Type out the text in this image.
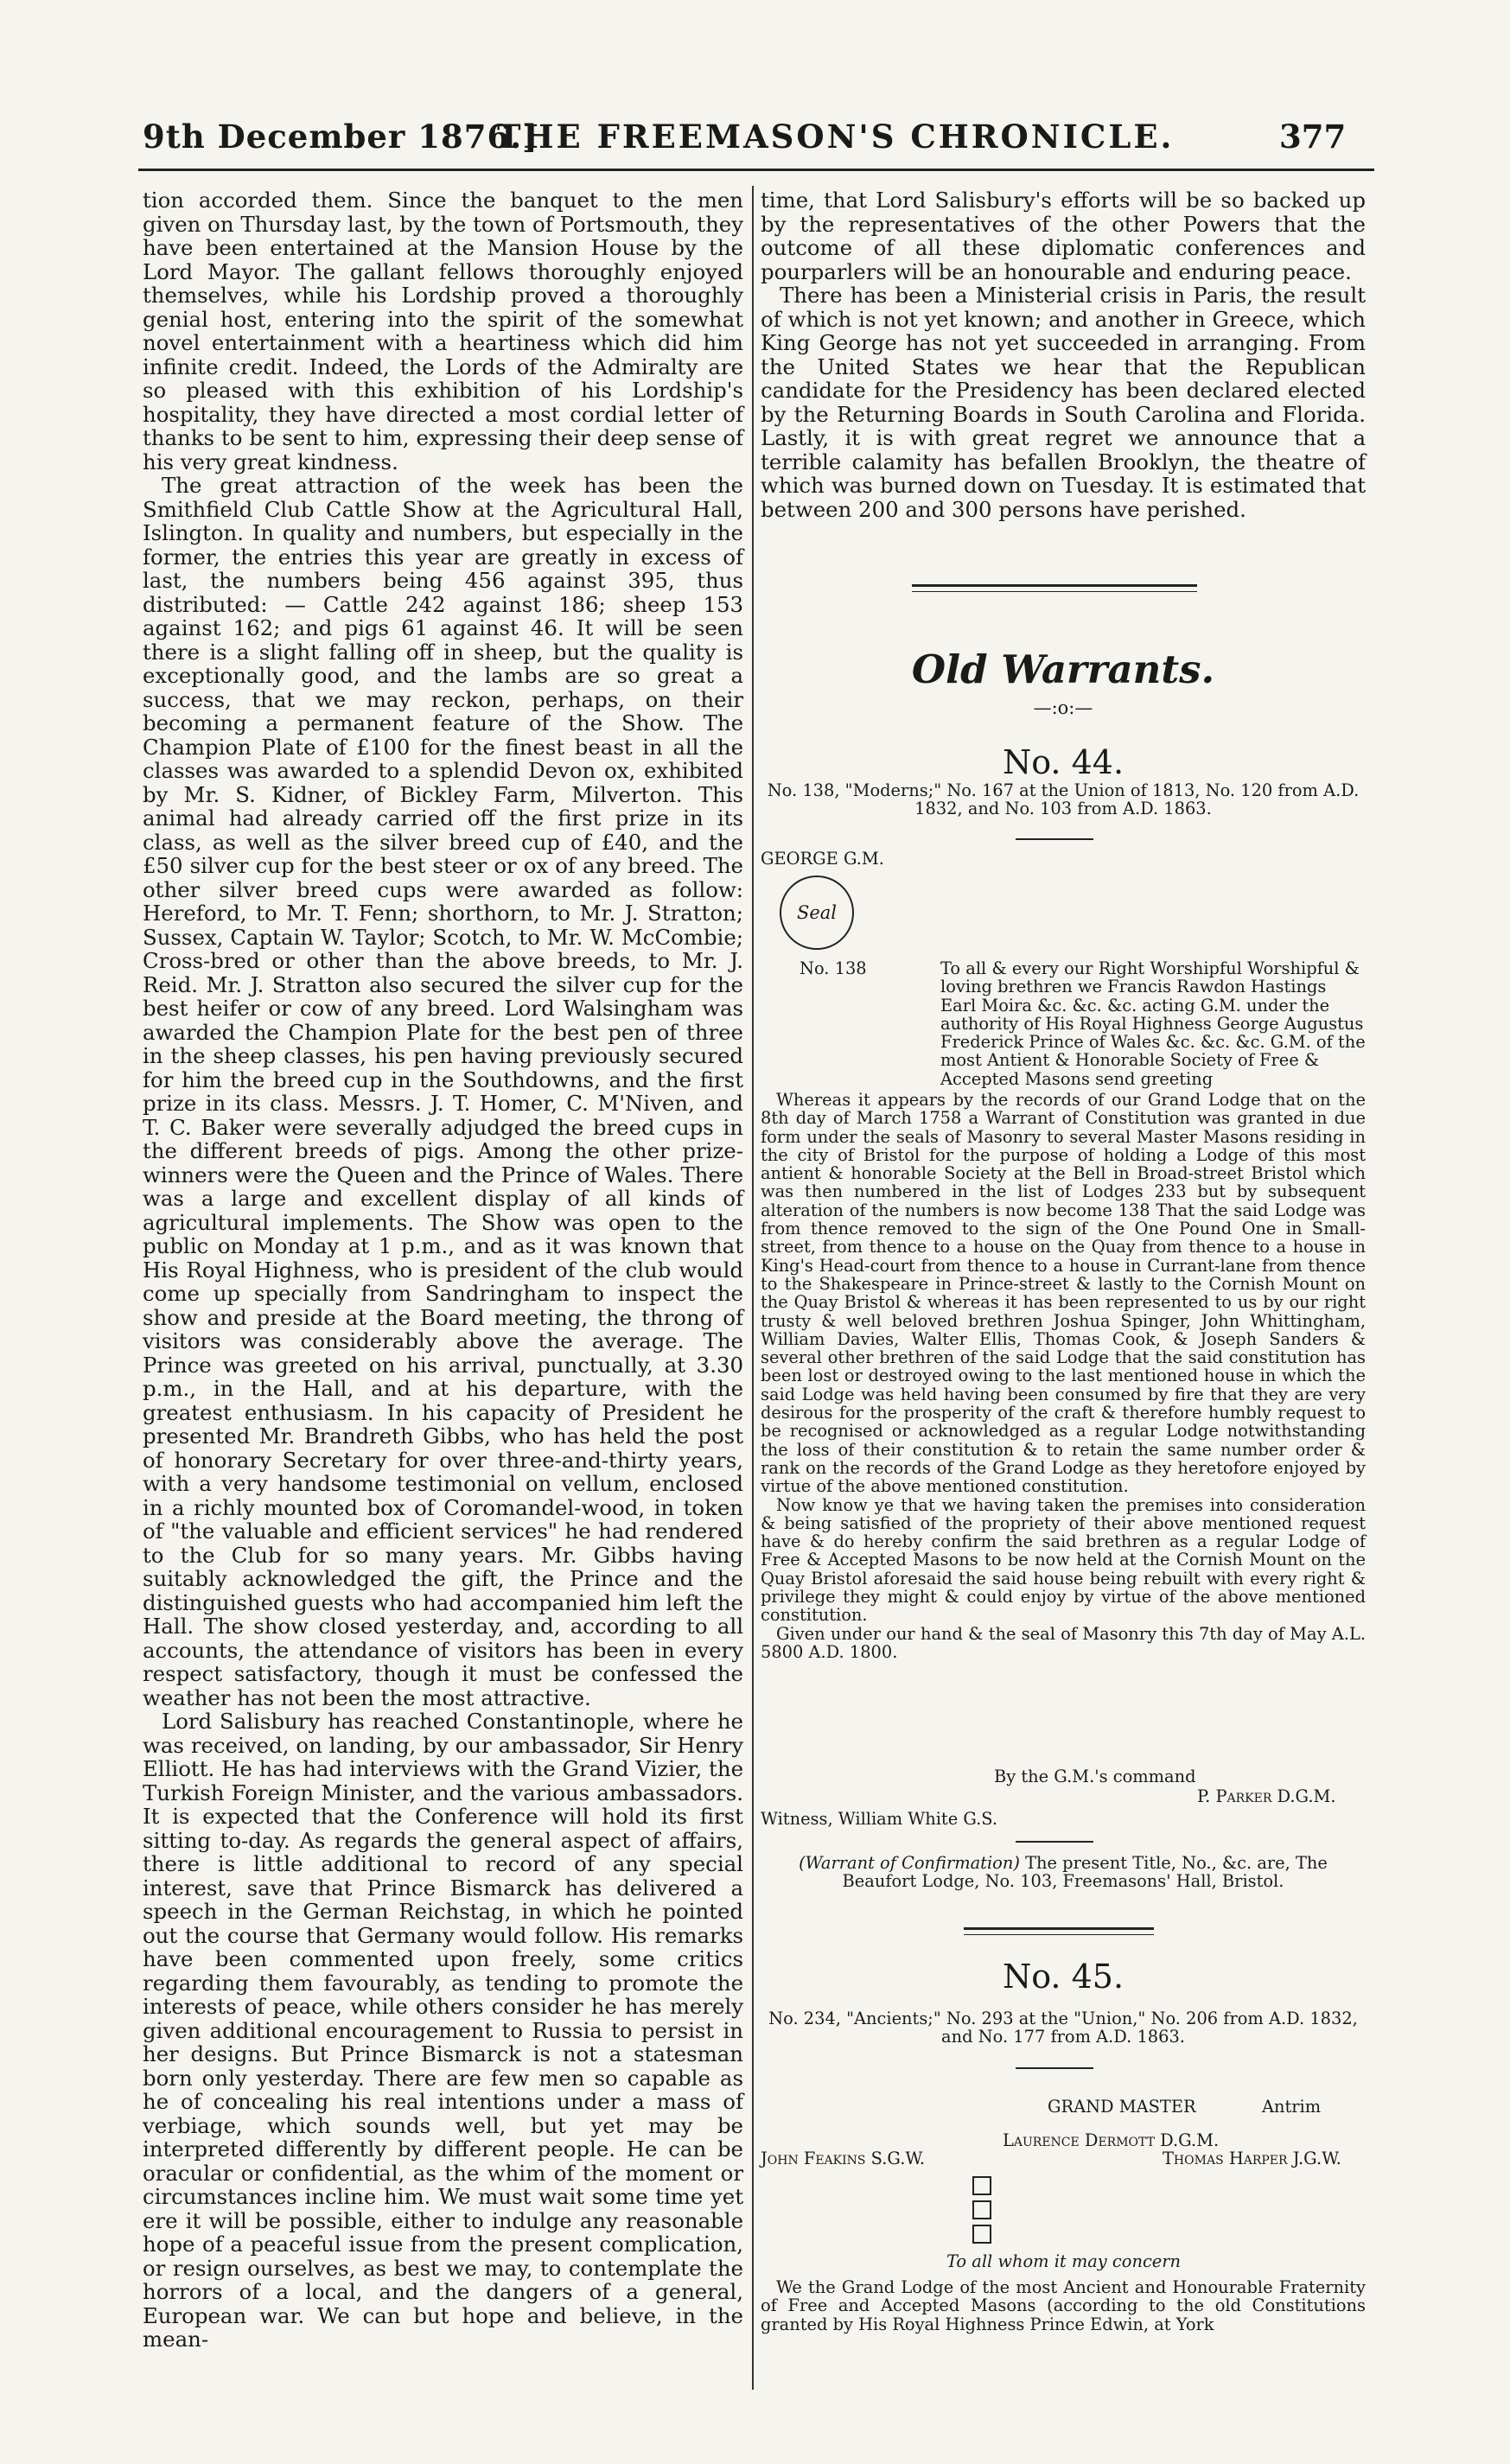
9th December 1876.]
THE FREEMASON'S CHRONICLE.	377

tion accorded them. Since the banquet to the men given on Thursday last, by the town of Portsmouth, they have been entertained at the Mansion House by the Lord Mayor. The gallant fellows thoroughly enjoyed themselves, while his Lordship proved a thoroughly genial host, entering into the spirit of the somewhat novel entertainment with a heartiness which did him infinite credit. Indeed, the Lords of the Admiralty are so pleased with this exhibition of his Lordship's hospitality, they have directed a most cordial letter of thanks to be sent to him, expressing their deep sense of his very great kindness.

The great attraction of the week has been the Smithfield Club Cattle Show at the Agricultural Hall, Islington. In quality and numbers, but especially in the former, the entries this year are greatly in excess of last, the numbers being 456 against 395, thus distributed: — Cattle 242 against 186; sheep 153 against 162; and pigs 61 against 46. It will be seen there is a slight falling off in sheep, but the quality is exceptionally good, and the lambs are so great a success, that we may reckon, perhaps, on their becoming a permanent feature of the Show. The Champion Plate of £100 for the finest beast in all the classes was awarded to a splendid Devon ox, exhibited by Mr. S. Kidner, of Bickley Farm, Milverton. This animal had already carried off the first prize in its class, as well as the silver breed cup of £40, and the £50 silver cup for the best steer or ox of any breed. The other silver breed cups were awarded as follow: Hereford, to Mr. T. Fenn; shorthorn, to Mr. J. Stratton; Sussex, Captain W. Taylor; Scotch, to Mr. W. McCombie; Cross-bred or other than the above breeds, to Mr. J. Reid. Mr. J. Stratton also secured the silver cup for the best heifer or cow of any breed. Lord Walsingham was awarded the Champion Plate for the best pen of three in the sheep classes, his pen having previously secured for him the breed cup in the Southdowns, and the first prize in its class. Messrs. J. T. Homer, C. M'Niven, and T. C. Baker were severally adjudged the breed cups in the different breeds of pigs. Among the other prize-winners were the Queen and the Prince of Wales. There was a large and excellent display of all kinds of agricultural implements. The Show was open to the public on Monday at 1 p.m., and as it was known that His Royal Highness, who is president of the club would come up specially from Sandringham to inspect the show and preside at the Board meeting, the throng of visitors was considerably above the average. The Prince was greeted on his arrival, punctually, at 3.30 p.m., in the Hall, and at his departure, with the greatest enthusiasm. In his capacity of President he presented Mr. Brandreth Gibbs, who has held the post of honorary Secretary for over three-and-thirty years, with a very handsome testimonial on vellum, enclosed in a richly mounted box of Coromandel-wood, in token of "the valuable and efficient services" he had rendered to the Club for so many years. Mr. Gibbs having suitably acknowledged the gift, the Prince and the distinguished guests who had accompanied him left the Hall. The show closed yesterday, and, according to all accounts, the attendance of visitors has been in every respect satisfactory, though it must be confessed the weather has not been the most attractive.

Lord Salisbury has reached Constantinople, where he was received, on landing, by our ambassador, Sir Henry Elliott. He has had interviews with the Grand Vizier, the Turkish Foreign Minister, and the various ambassadors. It is expected that the Conference will hold its first sitting to-day. As regards the general aspect of affairs, there is little additional to record of any special interest, save that Prince Bismarck has delivered a speech in the German Reichstag, in which he pointed out the course that Germany would follow. His remarks have been commented upon freely, some critics regarding them favourably, as tending to promote the interests of peace, while others consider he has merely given additional encouragement to Russia to persist in her designs. But Prince Bismarck is not a statesman born only yesterday. There are few men so capable as he of concealing his real intentions under a mass of verbiage, which sounds well, but yet may be interpreted differently by different people. He can be oracular or confidential, as the whim of the moment or circumstances incline him. We must wait some time yet ere it will be possible, either to indulge any reasonable hope of a peaceful issue from the present complication, or resign ourselves, as best we may, to contemplate the horrors of a local, and the dangers of a general, European war. We can but hope and believe, in the mean-

time, that Lord Salisbury's efforts will be so backed up by the representatives of the other Powers that the outcome of all these diplomatic conferences and pourparlers will be an honourable and enduring peace.

There has been a Ministerial crisis in Paris, the result of which is not yet known; and another in Greece, which King George has not yet succeeded in arranging. From the United States we hear that the Republican candidate for the Presidency has been declared elected by the Returning Boards in South Carolina and Florida. Lastly, it is with great regret we announce that a terrible calamity has befallen Brooklyn, the theatre of which was burned down on Tuesday. It is estimated that between 200 and 300 persons have perished.

Old Warrants.
—:o:—
No. 44.
No. 138, "Moderns;" No. 167 at the Union of 1813, No. 120 from A.D. 1832, and No. 103 from A.D. 1863.
GEORGE G.M.
Seal
No. 138	To all & every our Right Worshipful Worshipful & loving brethren we Francis Rawdon Hastings Earl Moira &c. &c. &c. acting G.M. under the authority of His Royal Highness George Augustus Frederick Prince of Wales &c. &c. &c. G.M. of the most Antient & Honorable Society of Free & Accepted Masons send greeting

Whereas it appears by the records of our Grand Lodge that on the 8th day of March 1758 a Warrant of Constitution was granted in due form under the seals of Masonry to several Master Masons residing in the city of Bristol for the purpose of holding a Lodge of this most antient & honorable Society at the Bell in Broad-street Bristol which was then numbered in the list of Lodges 233 but by subsequent alteration of the numbers is now become 138 That the said Lodge was from thence removed to the sign of the One Pound One in Small-street, from thence to a house on the Quay from thence to a house in King's Head-court from thence to a house in Currant-lane from thence to the Shakespeare in Prince-street & lastly to the Cornish Mount on the Quay Bristol & whereas it has been represented to us by our right trusty & well beloved brethren Joshua Spinger, John Whittingham, William Davies, Walter Ellis, Thomas Cook, & Joseph Sanders & several other brethren of the said Lodge that the said constitution has been lost or destroyed owing to the last mentioned house in which the said Lodge was held having been consumed by fire that they are very desirous for the prosperity of the craft & therefore humbly request to be recognised or acknowledged as a regular Lodge notwithstanding the loss of their constitution & to retain the same number order & rank on the records of the Grand Lodge as they heretofore enjoyed by virtue of the above mentioned constitution.

Now know ye that we having taken the premises into consideration & being satisfied of the propriety of their above mentioned request have & do hereby confirm the said brethren as a regular Lodge of Free & Accepted Masons to be now held at the Cornish Mount on the Quay Bristol aforesaid the said house being rebuilt with every right & privilege they might & could enjoy by virtue of the above mentioned constitution.

Given under our hand & the seal of Masonry this 7th day of May A.L. 5800 A.D. 1800.

By the G.M.'s command
P. Parker D.G.M.
Witness, William White G.S.
(Warrant of Confirmation) The present Title, No., &c. are, The Beaufort Lodge, No. 103, Freemasons' Hall, Bristol.
No. 45.
No. 234, "Ancients;" No. 293 at the "Union," No. 206 from A.D. 1832, and No. 177 from A.D. 1863.
GRAND MASTER	Antrim
Laurence Dermott D.G.M.
John Feakins S.G.W.	Thomas Harper J.G.W.
To all whom it may concern

We the Grand Lodge of the most Ancient and Honourable Fraternity of Free and Accepted Masons (according to the old Constitutions granted by His Royal Highness Prince Edwin, at York
